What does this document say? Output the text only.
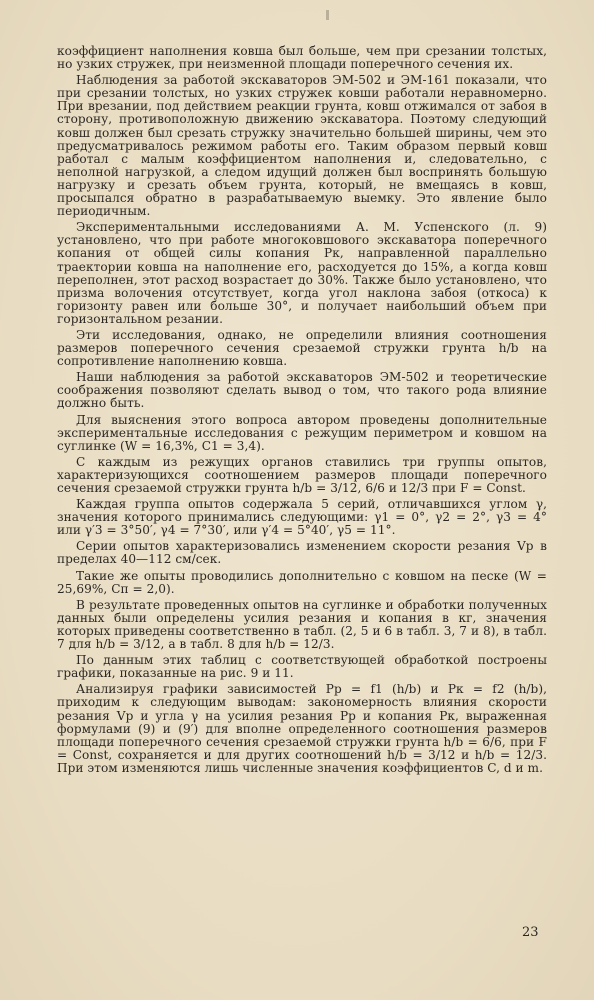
коэффициент наполнения ковша был больше, чем при срезании толстых, но узких стружек, при неизменной площади поперечного сечения их.

Наблюдения за работой экскаваторов ЭМ-502 и ЭМ-161 показали, что при срезании толстых, но узких стружек ковши работали неравномерно. При врезании, под действием реакции грунта, ковш отжимался от забоя в сторону, противоположную движению экскаватора. Поэтому следующий ковш должен был срезать стружку значительно большей ширины, чем это предусматривалось режимом работы его. Таким образом первый ковш работал с малым коэффициентом наполнения и, следовательно, с неполной нагрузкой, а следом идущий должен был воспринять большую нагрузку и срезать объем грунта, который, не вмещаясь в ковш, просыпался обратно в разрабатываемую выемку. Это явление было периодичным.

Экспериментальными исследованиями А. М. Успенского (л. 9) установлено, что при работе многоковшового экскаватора поперечного копания от общей силы копания Pк, направленной параллельно траектории ковша на наполнение его, расходуется до 15%, а когда ковш переполнен, этот расход возрастает до 30%. Также было установлено, что призма волочения отсутствует, когда угол наклона забоя (откоса) к горизонту равен или больше 30°, и получает наибольший объем при горизонтальном резании.

Эти исследования, однако, не определили влияния соотношения размеров поперечного сечения срезаемой стружки грунта h/b на сопротивление наполнению ковша.

Наши наблюдения за работой экскаваторов ЭМ-502 и теоретические соображения позволяют сделать вывод о том, что такого рода влияние должно быть.

Для выяснения этого вопроса автором проведены дополнительные экспериментальные исследования с режущим периметром и ковшом на суглинке (W = 16,3%, C1 = 3,4).

С каждым из режущих органов ставились три группы опытов, характеризующихся соотношением размеров площади поперечного сечения срезаемой стружки грунта h/b = 3/12, 6/6 и 12/3 при F = Const.

Каждая группа опытов содержала 5 серий, отличавшихся углом γ, значения которого принимались следующими: γ1 = 0°, γ2 = 2°, γ3 = 4° или γ′3 = 3°50′, γ4 = 7°30′, или γ′4 = 5°40′, γ5 = 11°.

Серии опытов характеризовались изменением скорости резания Vр в пределах 40—112 см/сек.

Такие же опыты проводились дополнительно с ковшом на песке (W = 25,69%, Cп = 2,0).

В результате проведенных опытов на суглинке и обработки полученных данных были определены усилия резания и копания в кг, значения которых приведены соответственно в табл. (2, 5 и 6 в табл. 3, 7 и 8), в табл. 7 для h/b = 3/12, а в табл. 8 для h/b = 12/3.

По данным этих таблиц с соответствующей обработкой построены графики, показанные на рис. 9 и 11.

Анализируя графики зависимостей Pр = f1 (h/b) и Pк = f2 (h/b), приходим к следующим выводам: закономерность влияния скорости резания Vр и угла γ на усилия резания Pр и копания Pк, выраженная формулами (9) и (9′) для вполне определенного соотношения размеров площади поперечного сечения срезаемой стружки грунта h/b = 6/6, при F = Const, сохраняется и для других соотношений h/b = 3/12 и h/b = 12/3. При этом изменяются лишь численные значения коэффициентов C, d и m.

23
